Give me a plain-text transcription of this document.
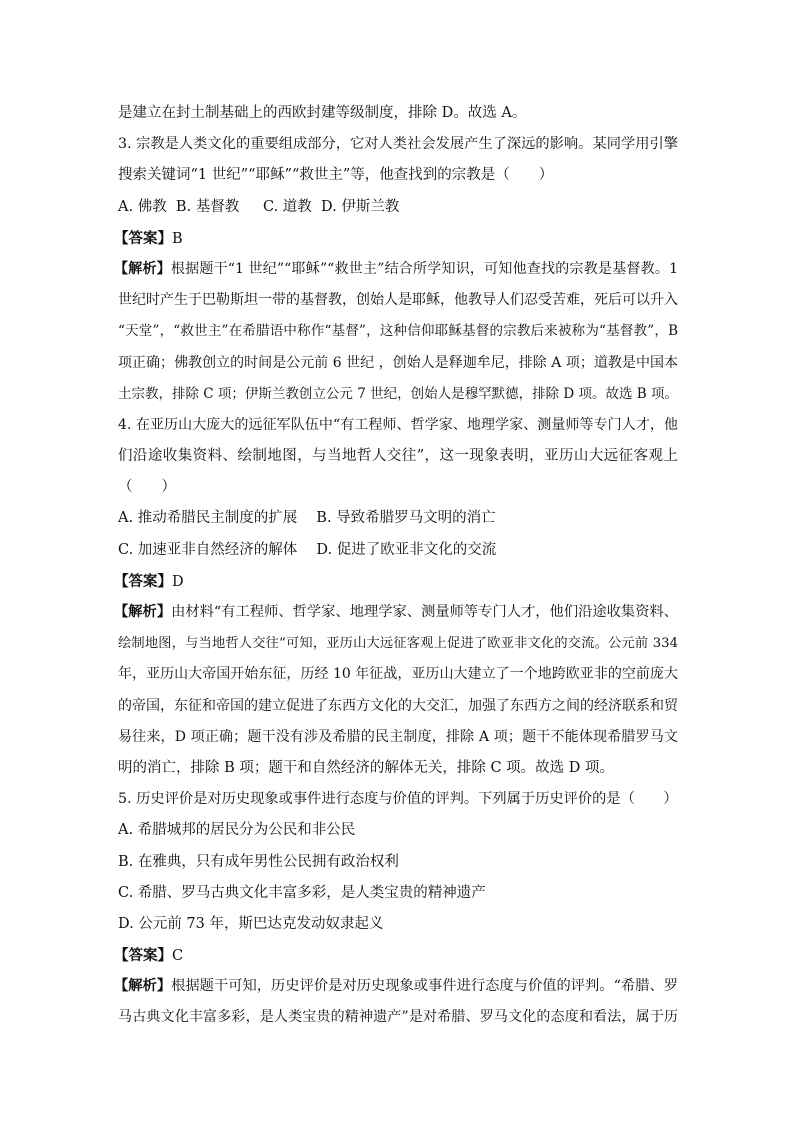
是建立在封土制基础上的西欧封建等级制度，排除 D。故选 A。
3. 宗教是人类文化的重要组成部分，它对人类社会发展产生了深远的影响。某同学用引擎
搜索关键词“1 世纪”“耶稣”“救世主”等，他查找到的宗教是（　　）
A. 佛教  B. 基督教　  C. 道教  D. 伊斯兰教
【答案】B
【解析】根据题干“1 世纪”“耶稣”“救世主”结合所学知识，可知他查找的宗教是基督教。1
世纪时产生于巴勒斯坦一带的基督教，创始人是耶稣，他教导人们忍受苦难，死后可以升入
“天堂”，“救世主”在希腊语中称作“基督”，这种信仰耶稣基督的宗教后来被称为“基督教”，B
项正确；佛教创立的时间是公元前 6 世纪 ，创始人是释迦牟尼，排除 A 项；道教是中国本
土宗教，排除 C 项；伊斯兰教创立公元 7 世纪，创始人是穆罕默德，排除 D 项。故选 B 项。
4. 在亚历山大庞大的远征军队伍中“有工程师、哲学家、地理学家、测量师等专门人才，他
们沿途收集资料、绘制地图，与当地哲人交往”，这一现象表明，亚历山大远征客观上
（　　）
A. 推动希腊民主制度的扩展　 B. 导致希腊罗马文明的消亡
C. 加速亚非自然经济的解体　 D. 促进了欧亚非文化的交流
【答案】D
【解析】由材料“有工程师、哲学家、地理学家、测量师等专门人才，他们沿途收集资料、
绘制地图，与当地哲人交往”可知，亚历山大远征客观上促进了欧亚非文化的交流。公元前 334
年，亚历山大帝国开始东征，历经 10 年征战，亚历山大建立了一个地跨欧亚非的空前庞大
的帝国，东征和帝国的建立促进了东西方文化的大交汇，加强了东西方之间的经济联系和贸
易往来，D 项正确；题干没有涉及希腊的民主制度，排除 A 项；题干不能体现希腊罗马文
明的消亡，排除 B 项；题干和自然经济的解体无关，排除 C 项。故选 D 项。
5. 历史评价是对历史现象或事件进行态度与价值的评判。下列属于历史评价的是（　　）
A. 希腊城邦的居民分为公民和非公民
B. 在雅典，只有成年男性公民拥有政治权利
C. 希腊、罗马古典文化丰富多彩，是人类宝贵的精神遗产
D. 公元前 73 年，斯巴达克发动奴隶起义
【答案】C
【解析】根据题干可知，历史评价是对历史现象或事件进行态度与价值的评判。“希腊、罗
马古典文化丰富多彩，是人类宝贵的精神遗产”是对希腊、罗马文化的态度和看法，属于历
